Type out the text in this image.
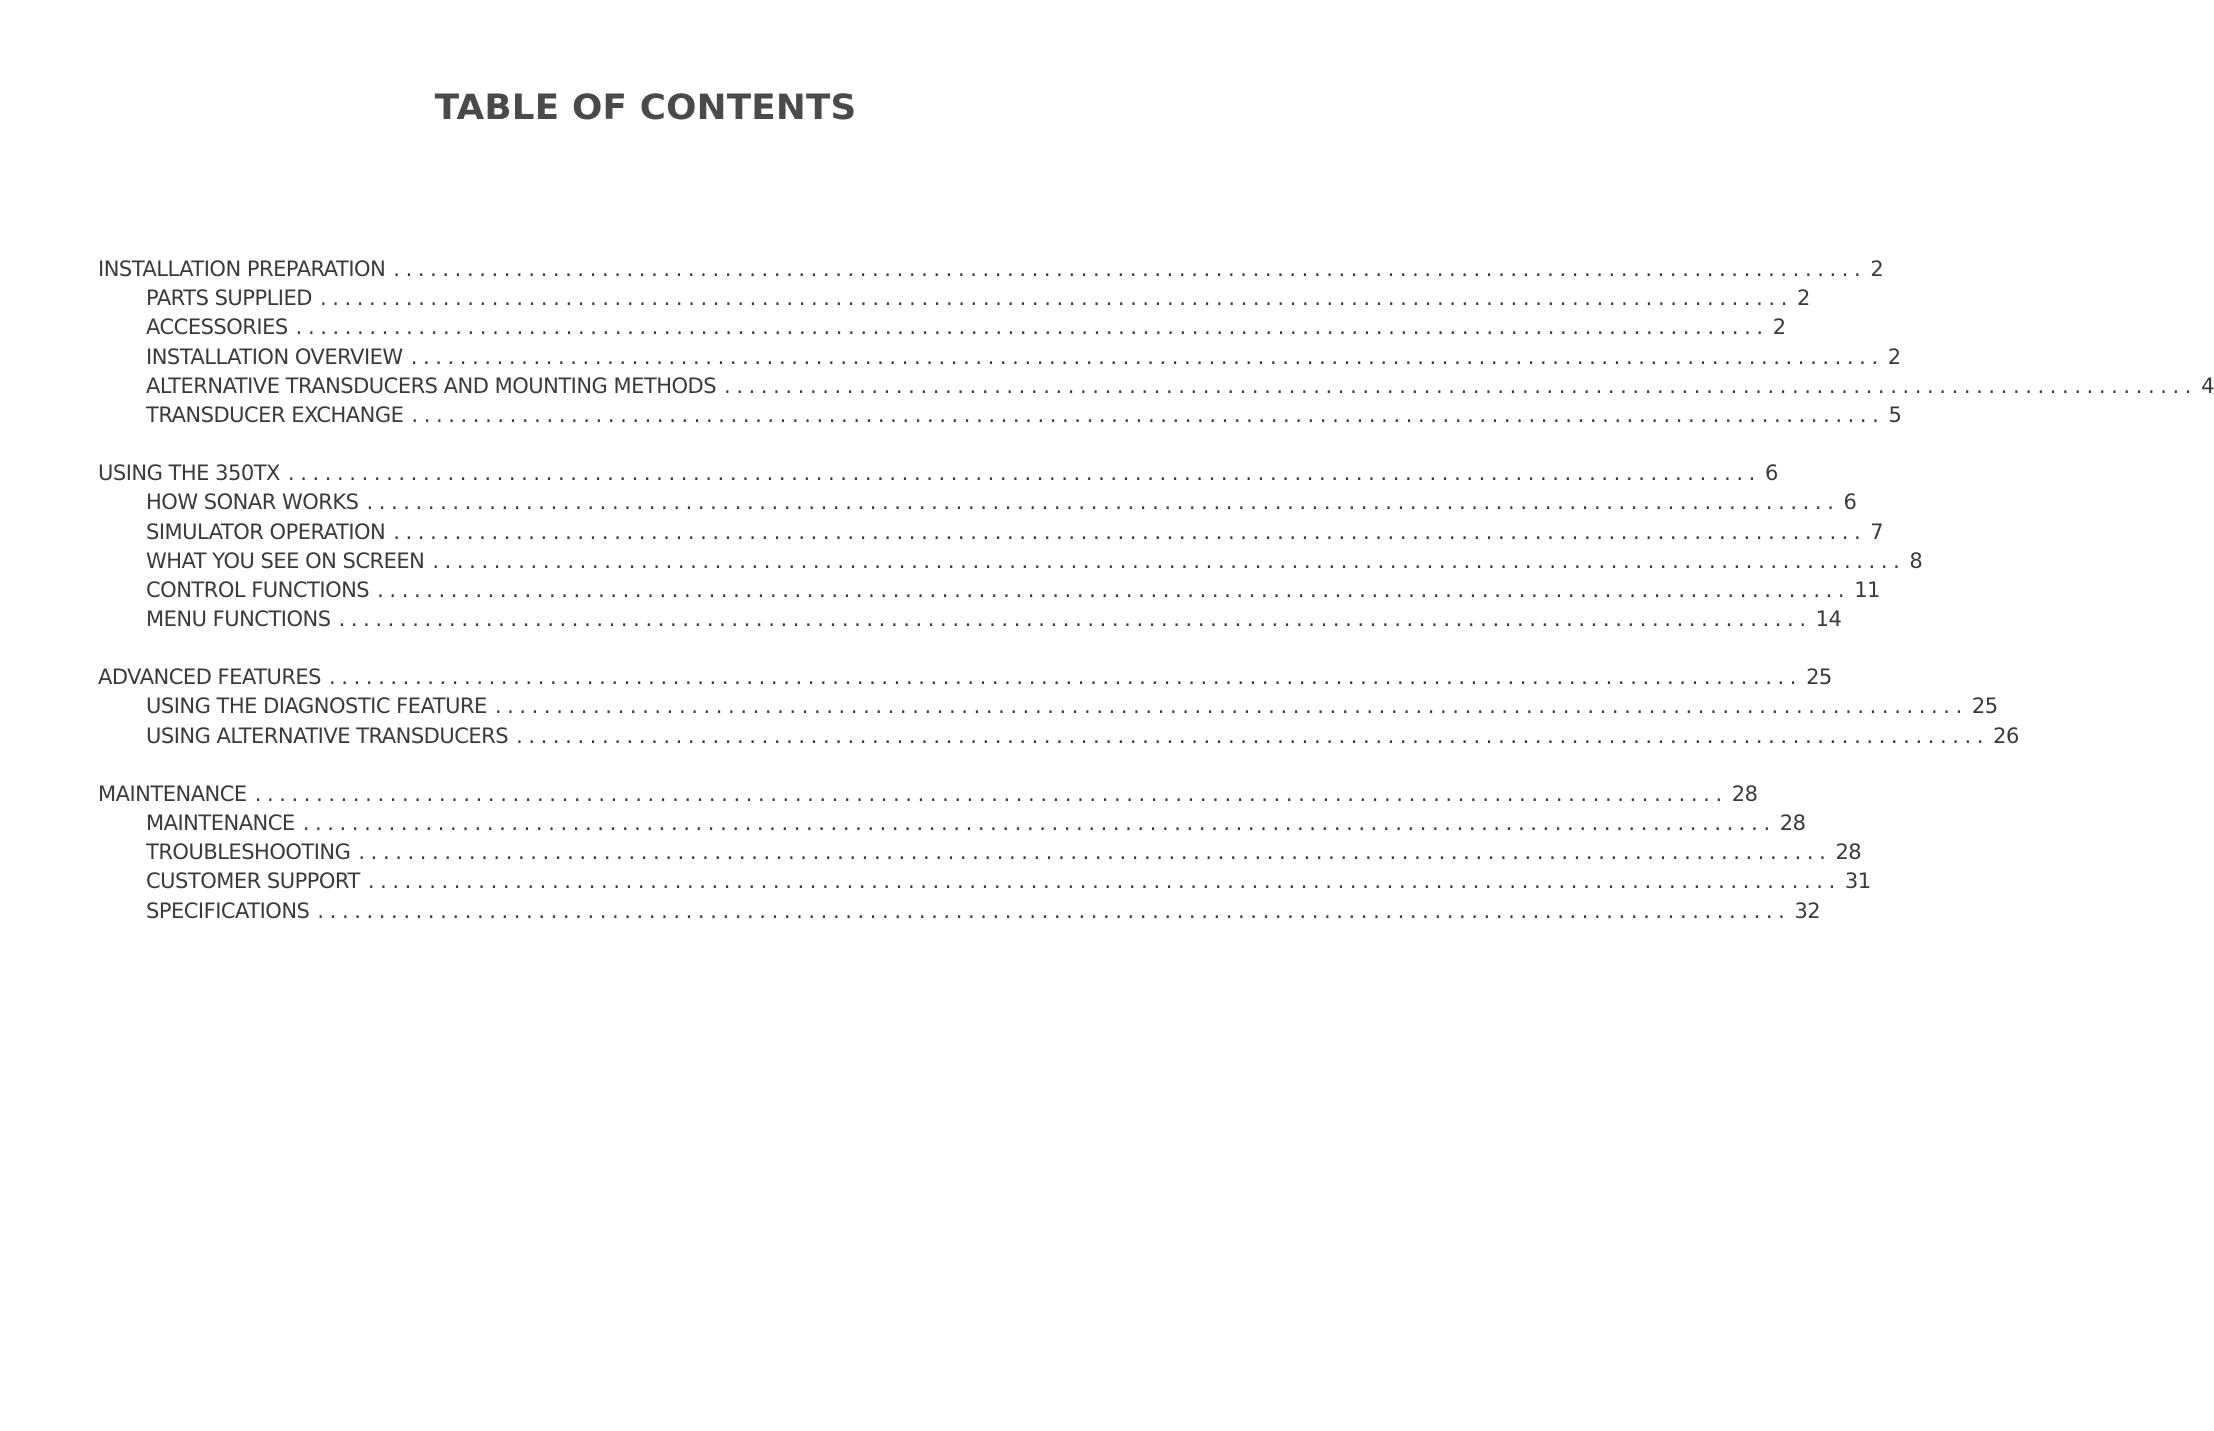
TABLE OF CONTENTS
INSTALLATION PREPARATION ........................................................................................................................ 2
PARTS SUPPLIED ........................................................................................................................ 2
ACCESSORIES ........................................................................................................................ 2
INSTALLATION OVERVIEW ........................................................................................................................ 2
ALTERNATIVE TRANSDUCERS AND MOUNTING METHODS ........................................................................................................................ 4
TRANSDUCER EXCHANGE ........................................................................................................................ 5
USING THE 350TX ........................................................................................................................ 6
HOW SONAR WORKS ........................................................................................................................ 6
SIMULATOR OPERATION ........................................................................................................................ 7
WHAT YOU SEE ON SCREEN ........................................................................................................................ 8
CONTROL FUNCTIONS ........................................................................................................................ 11
MENU FUNCTIONS ........................................................................................................................ 14
ADVANCED FEATURES ........................................................................................................................ 25
USING THE DIAGNOSTIC FEATURE ........................................................................................................................ 25
USING ALTERNATIVE TRANSDUCERS ........................................................................................................................ 26
MAINTENANCE ........................................................................................................................ 28
MAINTENANCE ........................................................................................................................ 28
TROUBLESHOOTING ........................................................................................................................ 28
CUSTOMER SUPPORT ........................................................................................................................ 31
SPECIFICATIONS ........................................................................................................................ 32
